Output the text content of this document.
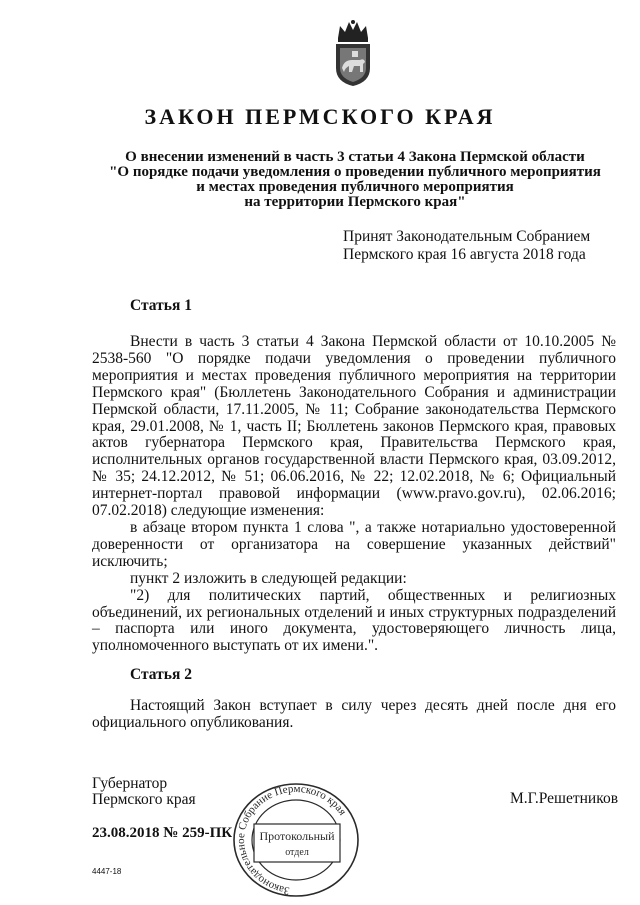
ЗАКОН ПЕРМСКОГО КРАЯ
О внесении изменений в часть 3 статьи 4 Закона Пермской области
"О порядке подачи уведомления о проведении публичного мероприятия
и местах проведения публичного мероприятия
на территории Пермского края"
Принят Законодательным Собранием
Пермского края 16 августа 2018 года
Статья 1

Внести в часть 3 статьи 4 Закона Пермской области от 10.10.2005 № 2538-560 "О порядке подачи уведомления о проведении публичного мероприятия и местах проведения публичного мероприятия на территории Пермского края" (Бюллетень Законодательного Собрания и администрации Пермской области, 17.11.2005, № 11; Собрание законодательства Пермского края, 29.01.2008, № 1, часть II; Бюллетень законов Пермского края, правовых актов губернатора Пермского края, Правительства Пермского края, исполнительных органов государственной власти Пермского края, 03.09.2012, № 35; 24.12.2012, № 51; 06.06.2016, № 22; 12.02.2018, № 6; Официальный интернет-портал правовой информации (www.pravo.gov.ru), 02.06.2016; 07.02.2018) следующие изменения:

в абзаце втором пункта 1 слова ", а также нотариально удостоверенной доверенности от организатора на совершение указанных действий" исключить;

пункт 2 изложить в следующей редакции:

"2) для политических партий, общественных и религиозных объединений, их региональных отделений и иных структурных подразделений – паспорта или иного документа, удостоверяющего личность лица, уполномоченного выступать от их имени.".

Статья 2

Настоящий Закон вступает в силу через десять дней после дня его официального опубликования.

Губернатор
Пермского края	М.Г.Решетников
23.08.2018 № 259-ПК
4447-18
Законодательное Собрание Пермского края
Протокольный
отдел
